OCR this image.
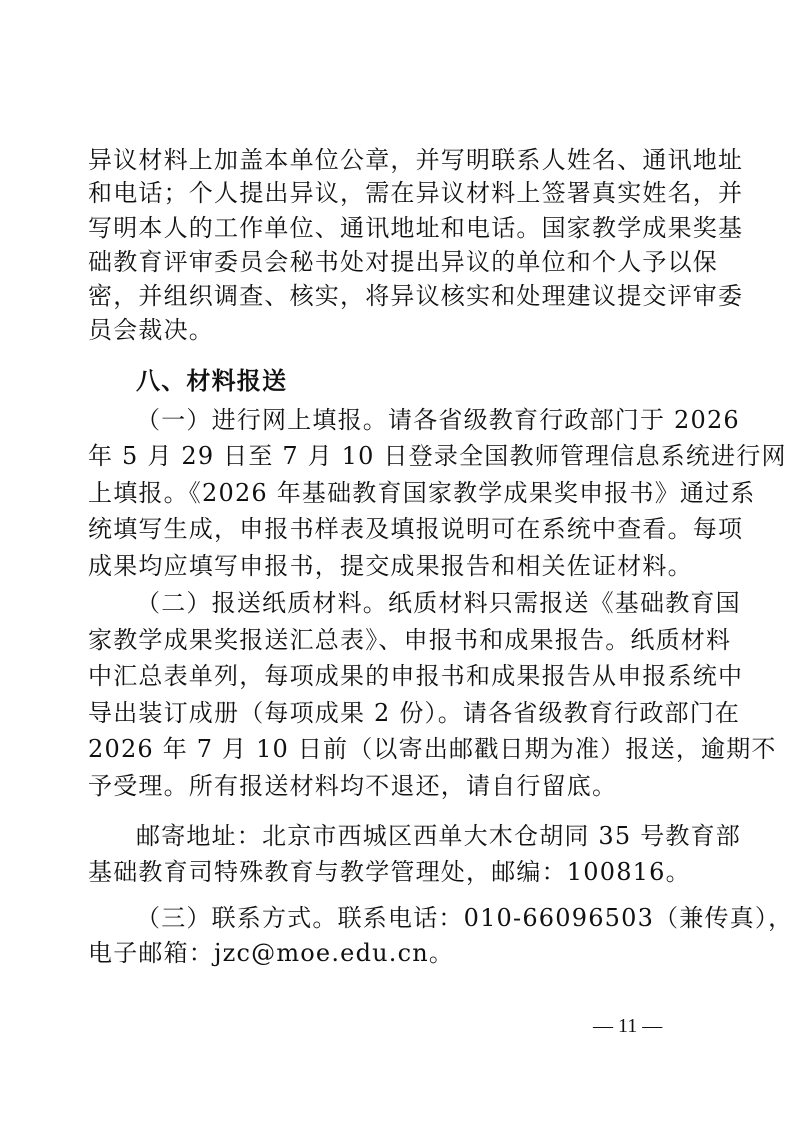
异议材料上加盖本单位公章，并写明联系人姓名、通讯地址
和电话；个人提出异议，需在异议材料上签署真实姓名，并
写明本人的工作单位、通讯地址和电话。国家教学成果奖基
础教育评审委员会秘书处对提出异议的单位和个人予以保
密，并组织调查、核实，将异议核实和处理建议提交评审委
员会裁决。
八、材料报送
（一）进行网上填报。请各省级教育行政部门于 2026
年 5 月 29 日至 7 月 10 日登录全国教师管理信息系统进行网
上填报。《2026 年基础教育国家教学成果奖申报书》通过系
统填写生成，申报书样表及填报说明可在系统中查看。每项
成果均应填写申报书，提交成果报告和相关佐证材料。
（二）报送纸质材料。纸质材料只需报送《基础教育国
家教学成果奖报送汇总表》、申报书和成果报告。纸质材料
中汇总表单列，每项成果的申报书和成果报告从申报系统中
导出装订成册（每项成果 2 份）。请各省级教育行政部门在
2026 年 7 月 10 日前（以寄出邮戳日期为准）报送，逾期不
予受理。所有报送材料均不退还，请自行留底。
邮寄地址：北京市西城区西单大木仓胡同 35 号教育部
基础教育司特殊教育与教学管理处，邮编：100816。
（三）联系方式。联系电话：010-66096503（兼传真），
电子邮箱：jzc@moe.edu.cn。
— 11 —
